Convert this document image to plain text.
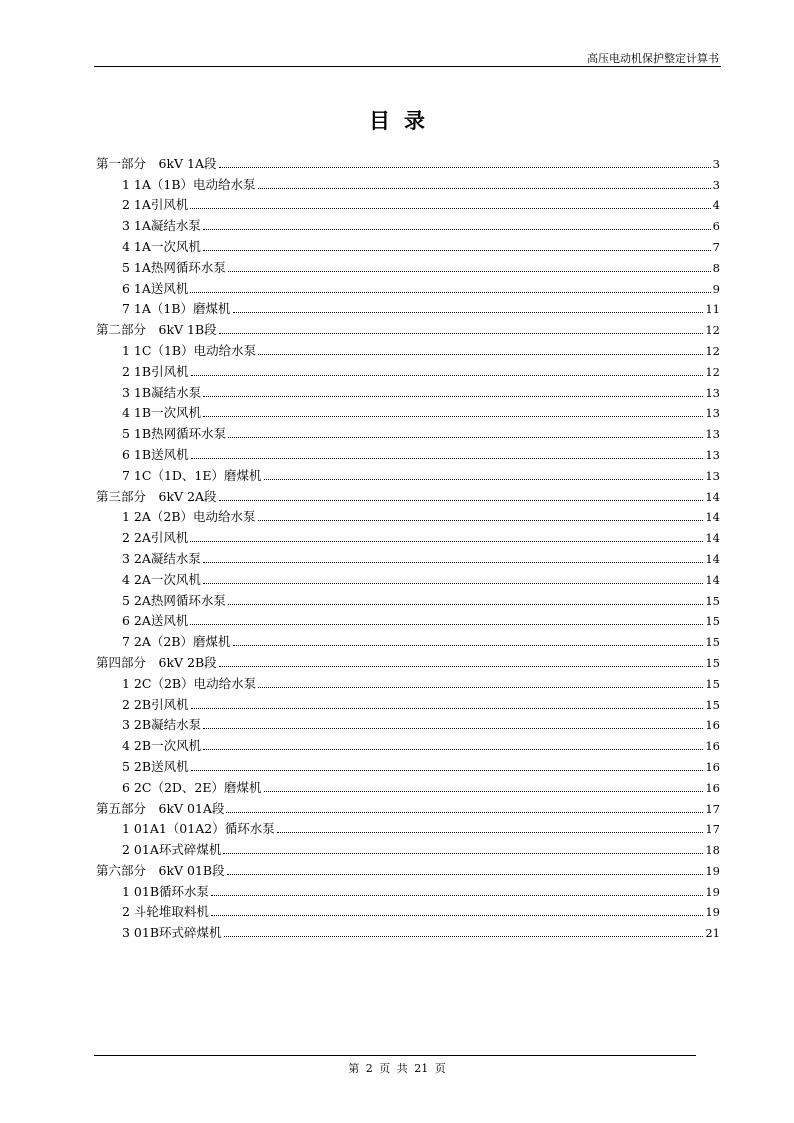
高压电动机保护整定计算书
目录
第一部分　6kV 1A段	3
1 1A（1B）电动给水泵	3
2 1A引风机	4
3 1A凝结水泵	6
4 1A一次风机	7
5 1A热网循环水泵	8
6 1A送风机	9
7 1A（1B）磨煤机	11
第二部分　6kV 1B段	12
1 1C（1B）电动给水泵	12
2 1B引风机	12
3 1B凝结水泵	13
4 1B一次风机	13
5 1B热网循环水泵	13
6 1B送风机	13
7 1C（1D、1E）磨煤机	13
第三部分　6kV 2A段	14
1 2A（2B）电动给水泵	14
2 2A引风机	14
3 2A凝结水泵	14
4 2A一次风机	14
5 2A热网循环水泵	15
6 2A送风机	15
7 2A（2B）磨煤机	15
第四部分　6kV 2B段	15
1 2C（2B）电动给水泵	15
2 2B引风机	15
3 2B凝结水泵	16
4 2B一次风机	16
5 2B送风机	16
6 2C（2D、2E）磨煤机	16
第五部分　6kV 01A段	17
1 01A1（01A2）循环水泵	17
2 01A环式碎煤机	18
第六部分　6kV 01B段	19
1 01B循环水泵	19
2 斗轮堆取料机	19
3 01B环式碎煤机	21
第 2 页 共 21 页
